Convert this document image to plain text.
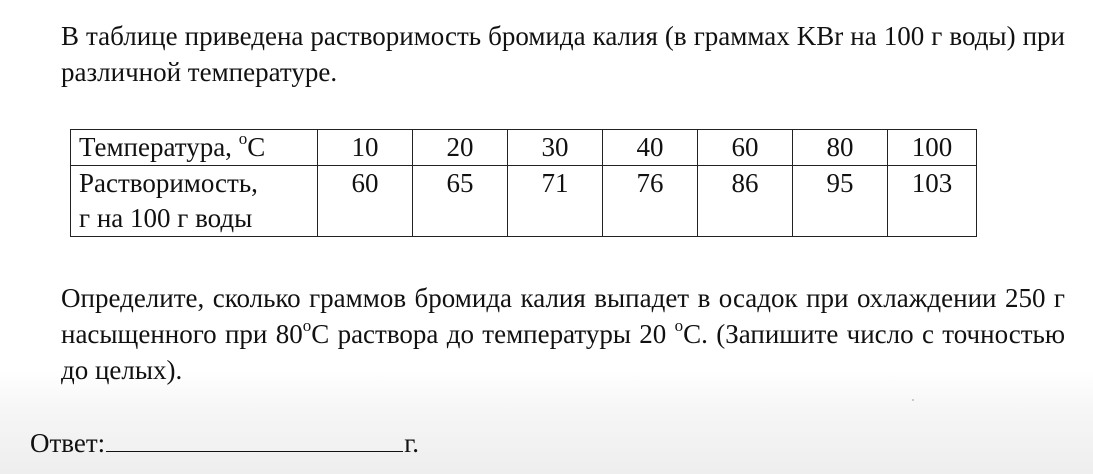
В таблице приведена растворимость бромида калия (в граммах KBr на 100 г воды) при различной температуре.

Температура, $^o$C	10	20	30	40	60	80	100
Растворимость,
г на 100 г воды	60	65	71	76	86	95	103

Определите, сколько граммов бромида калия выпадет в осадок при охлаждении 250 г насыщенного при 80$^o$С раствора до температуры 20 $^o$С. (Запишите число с точностью до целых).

Ответ:	г.
